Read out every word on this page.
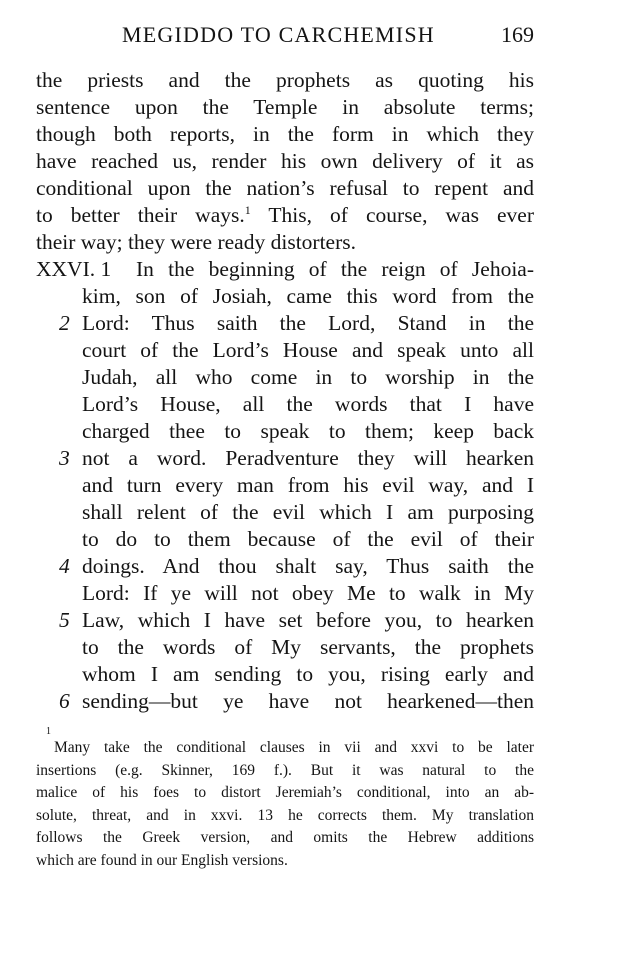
MEGIDDO TO CARCHEMISH	169
the priests and the prophets as quoting his
sentence upon the Temple in absolute terms;
though both reports, in the form in which they
have reached us, render his own delivery of it as
conditional upon the nation’s refusal to repent and
to better their ways.$^1$ This, of course, was ever
their way; they were ready distorters.
XXVI. 1 In the beginning of the reign of Jehoia-
kim, son of Josiah, came this word from the
2 Lord: Thus saith the Lord, Stand in the
court of the Lord’s House and speak unto all
Judah, all who come in to worship in the
Lord’s House, all the words that I have
charged thee to speak to them; keep back
3 not a word. Peradventure they will hearken
and turn every man from his evil way, and I
shall relent of the evil which I am purposing
to do to them because of the evil of their
4 doings. And thou shalt say, Thus saith the
Lord: If ye will not obey Me to walk in My
5 Law, which I have set before you, to hearken
to the words of My servants, the prophets
whom I am sending to you, rising early and
6 sending—but ye have not hearkened—then
1
Many take the conditional clauses in vii and xxvi to be later
insertions (e.g. Skinner, 169 f.). But it was natural to the
malice of his foes to distort Jeremiah’s conditional, into an ab-
solute, threat, and in xxvi. 13 he corrects them. My translation
follows the Greek version, and omits the Hebrew additions
which are found in our English versions.
